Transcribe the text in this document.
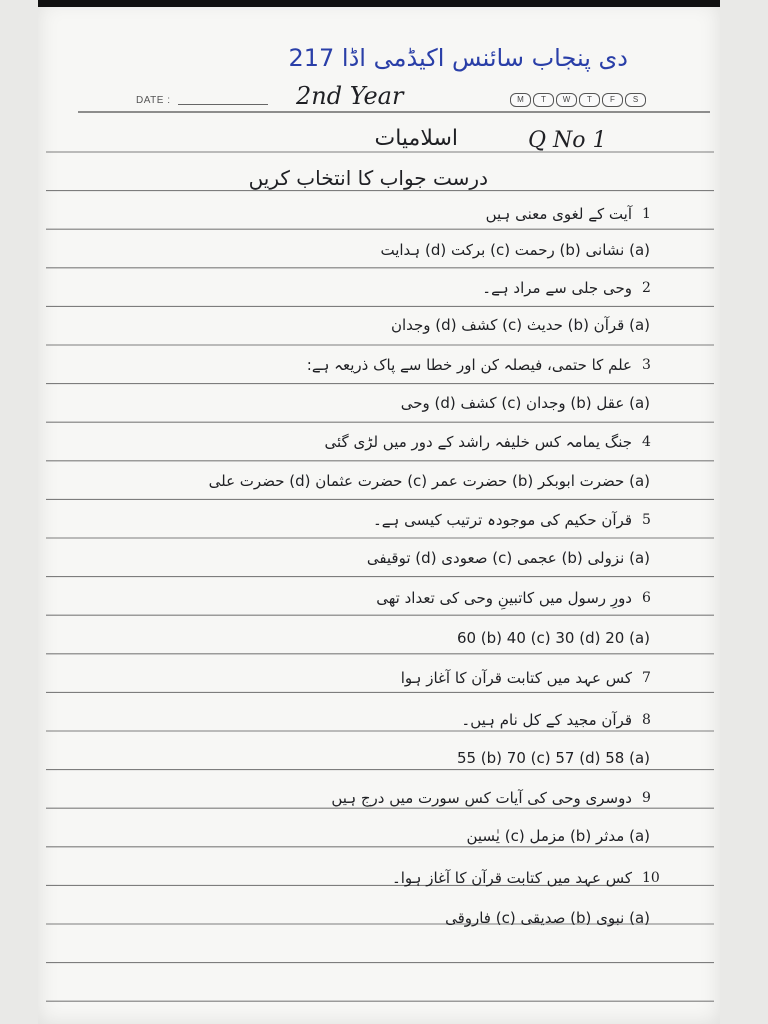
دی پنجاب سائنس اکیڈمی اڈا 217
DATE :	M	T	W	T	F	S
2nd Year
اسلامیات	Q No 1
درست جواب کا انتخاب کریں
آیت کے لغوی معنی ہیں 1
(a) نشانی (b) رحمت (c) برکت (d) ہدایت
وحی جلی سے مراد ہے۔ 2
(a) قرآن (b) حدیث (c) کشف (d) وجدان
علم کا حتمی، فیصلہ کن اور خطا سے پاک ذریعہ ہے: 3
(a) عقل (b) وجدان (c) کشف (d) وحی
جنگ یمامہ کس خلیفہ راشد کے دور میں لڑی گئی 4
(a) حضرت ابوبکر (b) حضرت عمر (c) حضرت عثمان (d) حضرت علی
قرآن حکیم کی موجودہ ترتیب کیسی ہے۔ 5
(a) نزولی (b) عجمی (c) صعودی (d) توقیفی
دورِ رسول میں کاتبینِ وحی کی تعداد تھی 6
(a) 60 (b) 40 (c) 30 (d) 20
کس عہد میں کتابت قرآن کا آغاز ہوا 7
قرآن مجید کے کل نام ہیں۔ 8
(a) 55 (b) 70 (c) 57 (d) 58
دوسری وحی کی آیات کس سورت میں درج ہیں 9
(a) مدثر (b) مزمل (c) یٰسین
کس عہد میں کتابت قرآن کا آغاز ہوا۔ 10
(a) نبوی (b) صدیقی (c) فاروقی
